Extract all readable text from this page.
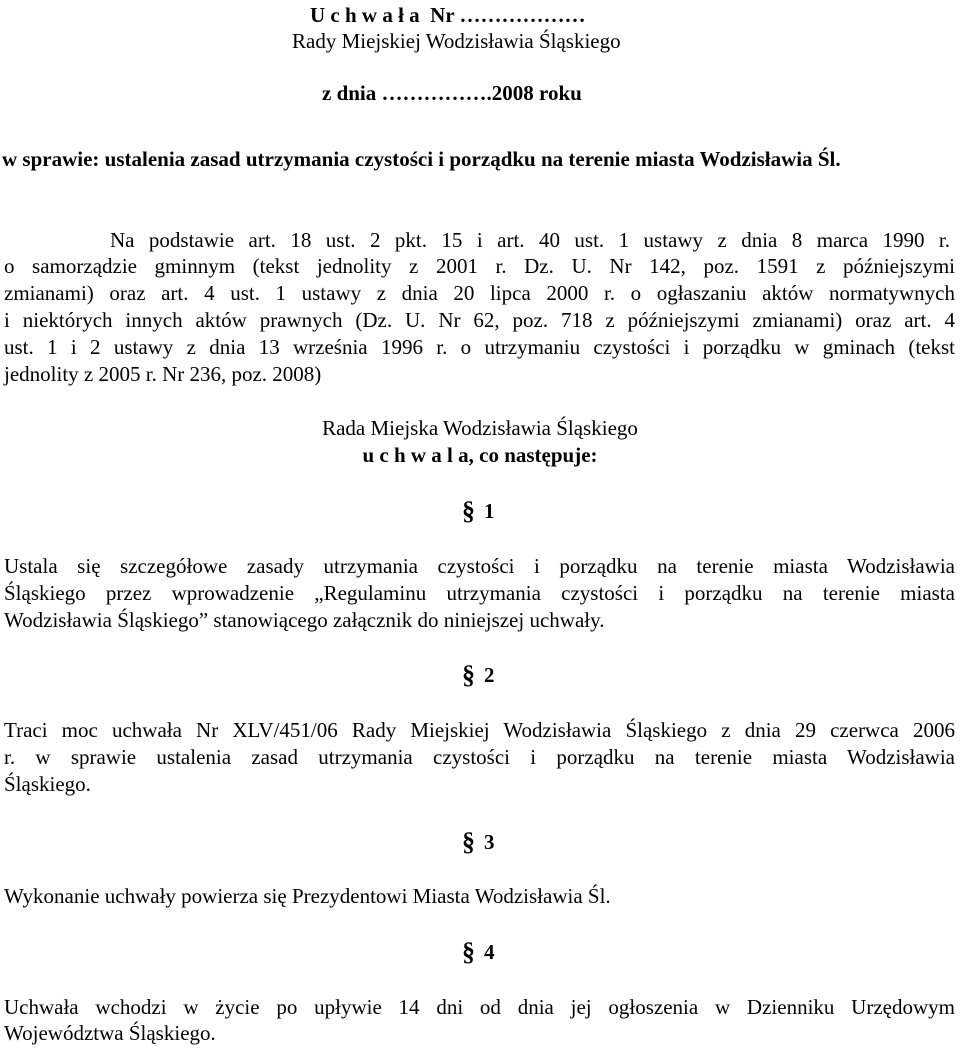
U c h w a ł a  Nr ………………
Rady Miejskiej Wodzisławia Śląskiego
z dnia …………….2008 roku
w sprawie: ustalenia zasad utrzymania czystości i porządku na terenie miasta Wodzisławia Śl.
Na podstawie art. 18 ust. 2 pkt. 15 i art. 40 ust. 1 ustawy z dnia 8 marca 1990 r.
o samorządzie gminnym (tekst jednolity z 2001 r. Dz. U. Nr 142, poz. 1591 z późniejszymi
zmianami) oraz art. 4 ust. 1 ustawy z dnia 20 lipca 2000 r. o ogłaszaniu aktów normatywnych
i niektórych innych aktów prawnych (Dz. U. Nr 62, poz. 718 z późniejszymi zmianami) oraz art. 4
ust. 1 i 2 ustawy z dnia 13 września 1996 r. o utrzymaniu czystości i porządku w gminach (tekst
jednolity z 2005 r. Nr 236, poz. 2008)
Rada Miejska Wodzisławia Śląskiego
u c h w a l a, co następuje:
§ 1
Ustala się szczegółowe zasady utrzymania czystości i porządku na terenie miasta Wodzisławia
Śląskiego przez wprowadzenie „Regulaminu utrzymania czystości i porządku na terenie miasta
Wodzisławia Śląskiego” stanowiącego załącznik do niniejszej uchwały.
§ 2
Traci moc uchwała Nr XLV/451/06 Rady Miejskiej Wodzisławia Śląskiego z dnia 29 czerwca 2006
r. w sprawie ustalenia zasad utrzymania czystości i porządku na terenie miasta Wodzisławia
Śląskiego.
§ 3
Wykonanie uchwały powierza się Prezydentowi Miasta Wodzisławia Śl.
§ 4
Uchwała wchodzi w życie po upływie 14 dni od dnia jej ogłoszenia w Dzienniku Urzędowym
Województwa Śląskiego.
